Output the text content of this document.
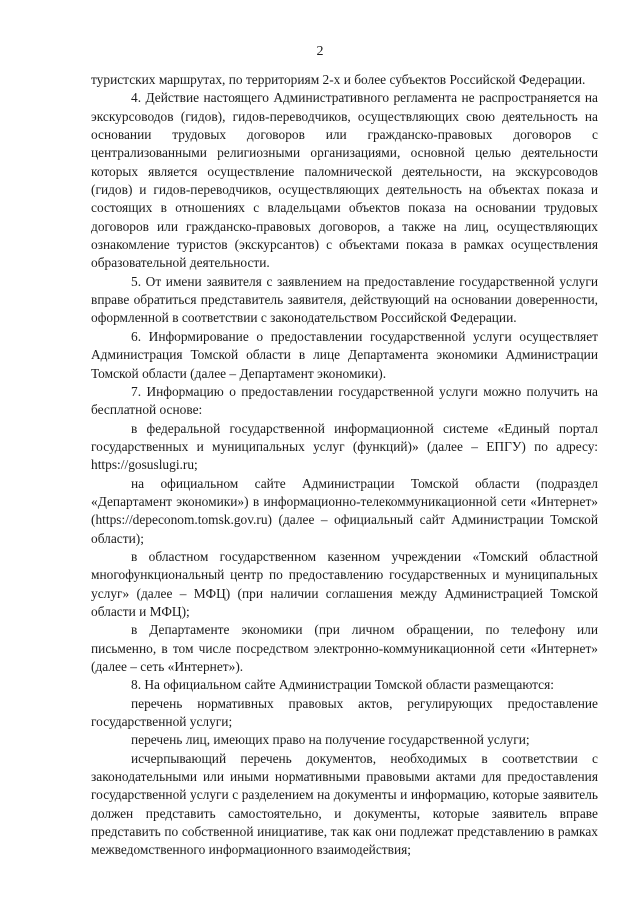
2

туристских маршрутах, по территориям 2-х и более субъектов Российской Федерации.

4. Действие настоящего Административного регламента не распространяется на экскурсоводов (гидов), гидов-переводчиков, осуществляющих свою деятельность на основании трудовых договоров или гражданско-правовых договоров с централизованными религиозными организациями, основной целью деятельности которых является осуществление паломнической деятельности, на экскурсоводов (гидов) и гидов-переводчиков, осуществляющих деятельность на объектах показа и состоящих в отношениях с владельцами объектов показа на основании трудовых договоров или гражданско-правовых договоров, а также на лиц, осуществляющих ознакомление туристов (экскурсантов) с объектами показа в рамках осуществления образовательной деятельности.

5. От имени заявителя с заявлением на предоставление государственной услуги вправе обратиться представитель заявителя, действующий на основании доверенности, оформленной в соответствии с законодательством Российской Федерации.

6. Информирование о предоставлении государственной услуги осуществляет Администрация Томской области в лице Департамента экономики Администрации Томской области (далее – Департамент экономики).

7. Информацию о предоставлении государственной услуги можно получить на бесплатной основе:

в федеральной государственной информационной системе «Единый портал государственных и муниципальных услуг (функций)» (далее – ЕПГУ) по адресу: https://gosuslugi.ru;

на официальном сайте Администрации Томской области (подраздел «Департамент экономики») в информационно-телекоммуникационной сети «Интернет» (https://depeconom.tomsk.gov.ru) (далее – официальный сайт Администрации Томской области);

в областном государственном казенном учреждении «Томский областной многофункциональный центр по предоставлению государственных и муниципальных услуг» (далее – МФЦ) (при наличии соглашения между Администрацией Томской области и МФЦ);

в Департаменте экономики (при личном обращении, по телефону или письменно, в том числе посредством электронно-коммуникационной сети «Интернет» (далее – сеть «Интернет»).

8. На официальном сайте Администрации Томской области размещаются:

перечень нормативных правовых актов, регулирующих предоставление государственной услуги;

перечень лиц, имеющих право на получение государственной услуги;

исчерпывающий перечень документов, необходимых в соответствии с законодательными или иными нормативными правовыми актами для предоставления государственной услуги с разделением на документы и информацию, которые заявитель должен представить самостоятельно, и документы, которые заявитель вправе представить по собственной инициативе, так как они подлежат представлению в рамках межведомственного информационного взаимодействия;
